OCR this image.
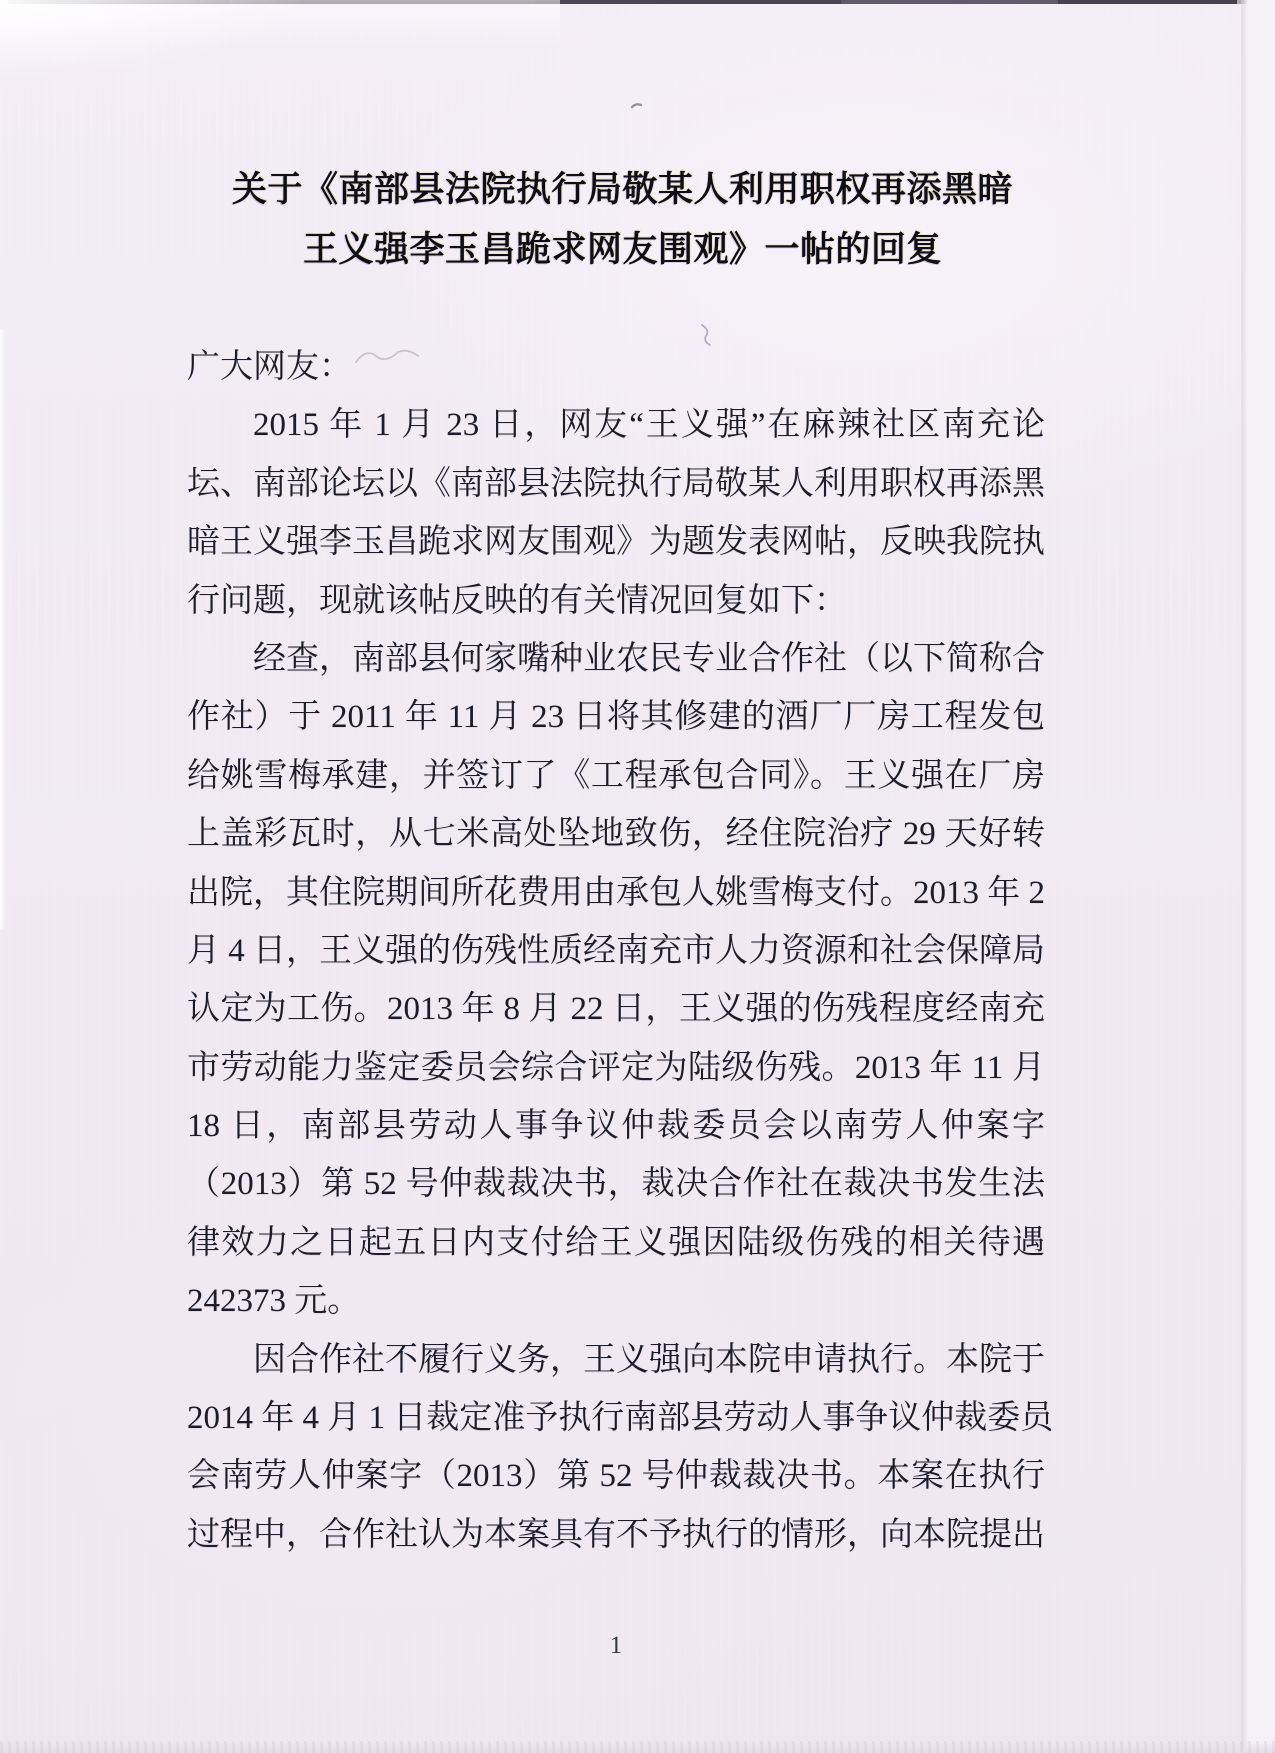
关于《南部县法院执行局敬某人利用职权再添黑暗
王义强李玉昌跪求网友围观》一帖的回复
广大网友：
2015 年 1 月 23 日，网友“王义强”在麻辣社区南充论
坛、南部论坛以《南部县法院执行局敬某人利用职权再添黑
暗王义强李玉昌跪求网友围观》为题发表网帖，反映我院执
行问题，现就该帖反映的有关情况回复如下：
经查，南部县何家嘴种业农民专业合作社（以下简称合
作社）于 2011 年 11 月 23 日将其修建的酒厂厂房工程发包
给姚雪梅承建，并签订了《工程承包合同》。王义强在厂房
上盖彩瓦时，从七米高处坠地致伤，经住院治疗 29 天好转
出院，其住院期间所花费用由承包人姚雪梅支付。2013 年 2
月 4 日，王义强的伤残性质经南充市人力资源和社会保障局
认定为工伤。2013 年 8 月 22 日，王义强的伤残程度经南充
市劳动能力鉴定委员会综合评定为陆级伤残。2013 年 11 月
18 日，南部县劳动人事争议仲裁委员会以南劳人仲案字
（2013）第 52 号仲裁裁决书，裁决合作社在裁决书发生法
律效力之日起五日内支付给王义强因陆级伤残的相关待遇
242373 元。
因合作社不履行义务，王义强向本院申请执行。本院于
2014 年 4 月 1 日裁定准予执行南部县劳动人事争议仲裁委员
会南劳人仲案字（2013）第 52 号仲裁裁决书。本案在执行
过程中，合作社认为本案具有不予执行的情形，向本院提出
1
